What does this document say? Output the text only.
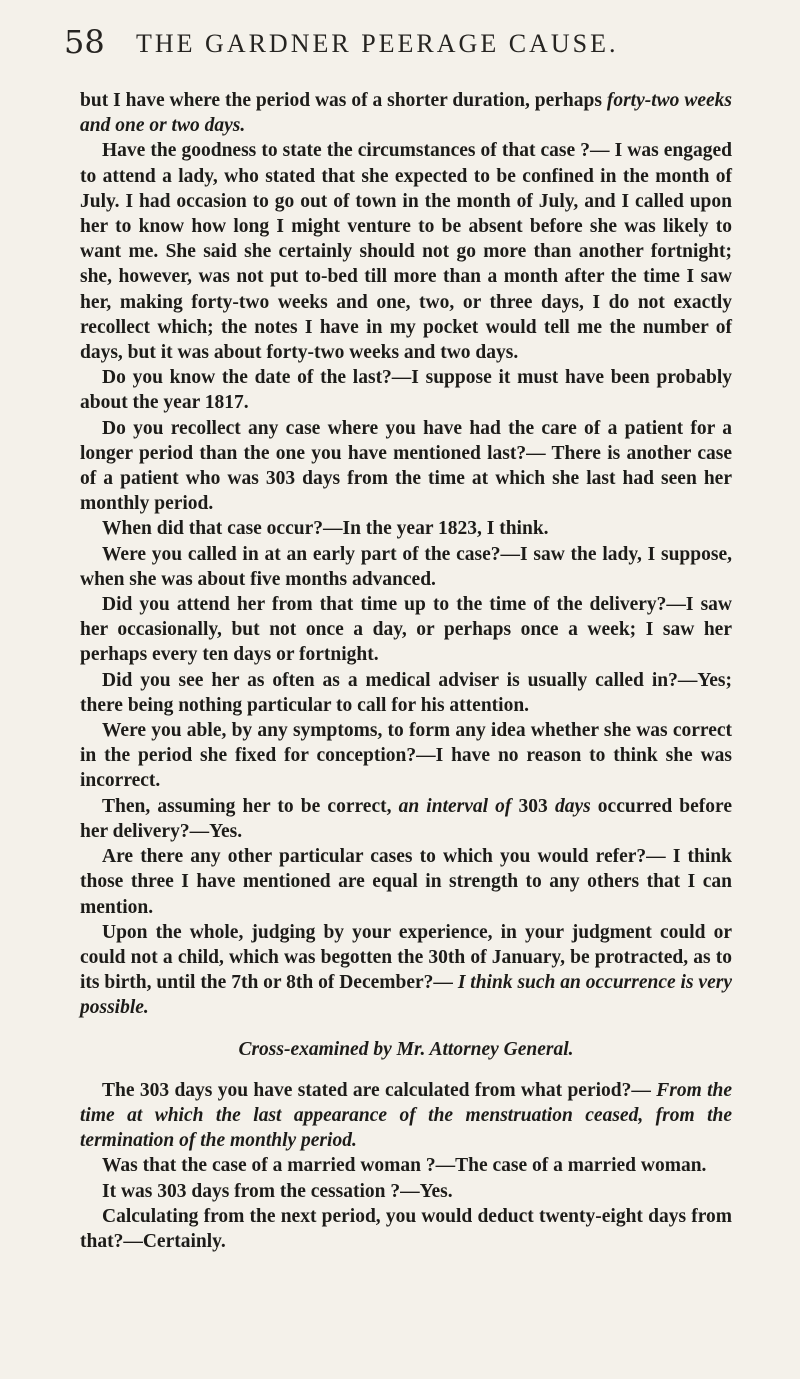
58 THE GARDNER PEERAGE CAUSE.

but I have where the period was of a shorter duration, perhaps forty-two weeks and one or two days.

Have the goodness to state the circumstances of that case ?— I was engaged to attend a lady, who stated that she expected to be confined in the month of July. I had occasion to go out of town in the month of July, and I called upon her to know how long I might venture to be absent before she was likely to want me. She said she certainly should not go more than another fortnight; she, however, was not put to-bed till more than a month after the time I saw her, making forty-two weeks and one, two, or three days, I do not exactly recollect which; the notes I have in my pocket would tell me the number of days, but it was about forty-two weeks and two days.

Do you know the date of the last?—I suppose it must have been probably about the year 1817.

Do you recollect any case where you have had the care of a patient for a longer period than the one you have mentioned last?— There is another case of a patient who was 303 days from the time at which she last had seen her monthly period.

When did that case occur?—In the year 1823, I think.

Were you called in at an early part of the case?—I saw the lady, I suppose, when she was about five months advanced.

Did you attend her from that time up to the time of the delivery?—I saw her occasionally, but not once a day, or perhaps once a week; I saw her perhaps every ten days or fortnight.

Did you see her as often as a medical adviser is usually called in?—Yes; there being nothing particular to call for his attention.

Were you able, by any symptoms, to form any idea whether she was correct in the period she fixed for conception?—I have no reason to think she was incorrect.

Then, assuming her to be correct, an interval of 303 days occurred before her delivery?—Yes.

Are there any other particular cases to which you would refer?— I think those three I have mentioned are equal in strength to any others that I can mention.

Upon the whole, judging by your experience, in your judgment could or could not a child, which was begotten the 30th of January, be protracted, as to its birth, until the 7th or 8th of December?— I think such an occurrence is very possible.

Cross-examined by Mr. Attorney General.

The 303 days you have stated are calculated from what period?— From the time at which the last appearance of the menstruation ceased, from the termination of the monthly period.

Was that the case of a married woman ?—The case of a married woman.

It was 303 days from the cessation ?—Yes.

Calculating from the next period, you would deduct twenty-eight days from that?—Certainly.
